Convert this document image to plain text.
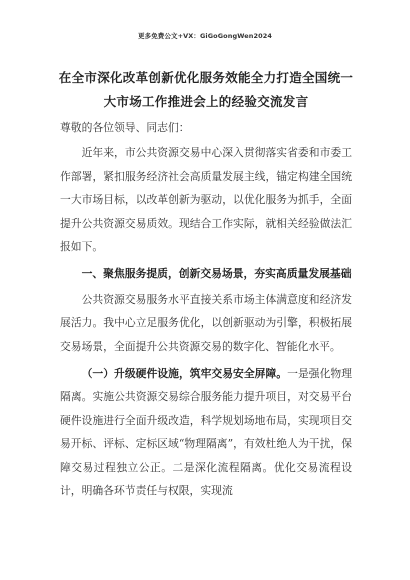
更多免费公文+VX：GiGoGongWen2024
在全市深化改革创新优化服务效能全力打造全国统一大市场工作推进会上的经验交流发言

尊敬的各位领导、同志们：

近年来，市公共资源交易中心深入贯彻落实省委和市委工作部署，紧扣服务经济社会高质量发展主线，锚定构建全国统一大市场目标，以改革创新为驱动，以优化服务为抓手，全面提升公共资源交易质效。现结合工作实际，就相关经验做法汇报如下。

一、聚焦服务提质，创新交易场景，夯实高质量发展基础

公共资源交易服务水平直接关系市场主体满意度和经济发展活力。我中心立足服务优化，以创新驱动为引擎，积极拓展交易场景，全面提升公共资源交易的数字化、智能化水平。

（一）升级硬件设施，筑牢交易安全屏障。一是强化物理隔离。实施公共资源交易综合服务能力提升项目，对交易平台硬件设施进行全面升级改造，科学规划场地布局，实现项目交易开标、评标、定标区域“物理隔离”，有效杜绝人为干扰，保障交易过程独立公正。二是深化流程隔离。优化交易流程设计，明确各环节责任与权限，实现流
